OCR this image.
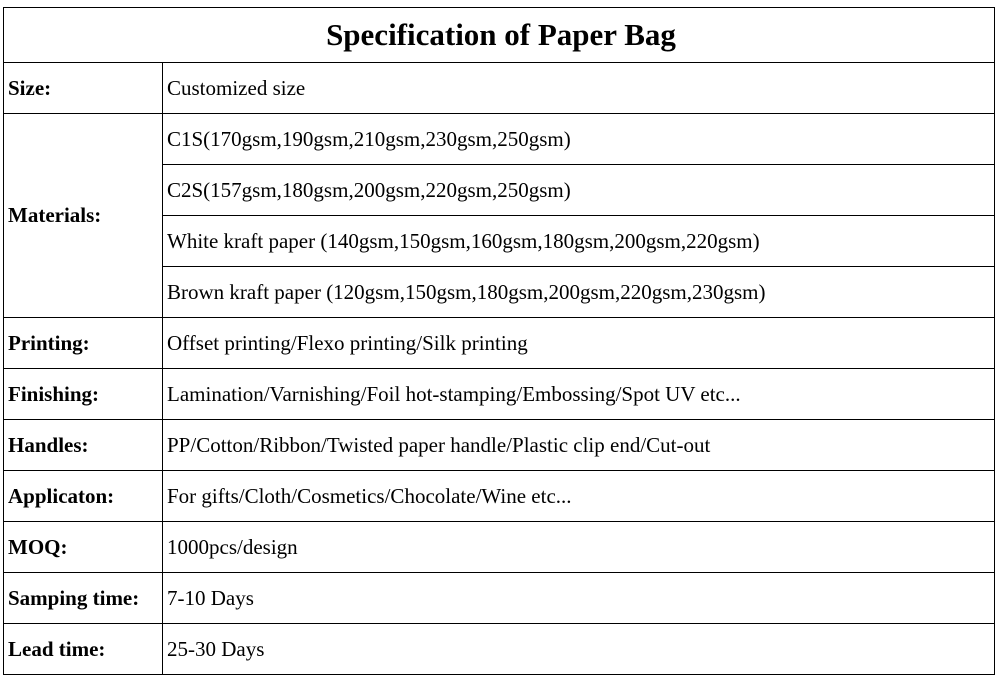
Specification of Paper Bag	
Size:	Customized size
Materials:	C1S(170gsm,190gsm,210gsm,230gsm,250gsm)
	C2S(157gsm,180gsm,200gsm,220gsm,250gsm)
	White kraft paper (140gsm,150gsm,160gsm,180gsm,200gsm,220gsm)
	Brown kraft paper (120gsm,150gsm,180gsm,200gsm,220gsm,230gsm)
Printing:	Offset printing/Flexo printing/Silk printing
Finishing:	Lamination/Varnishing/Foil hot-stamping/Embossing/Spot UV etc...
Handles:	PP/Cotton/Ribbon/Twisted paper handle/Plastic clip end/Cut-out
Applicaton:	For gifts/Cloth/Cosmetics/Chocolate/Wine etc...
MOQ:	1000pcs/design
Samping time:	7-10 Days
Lead time:	25-30 Days
